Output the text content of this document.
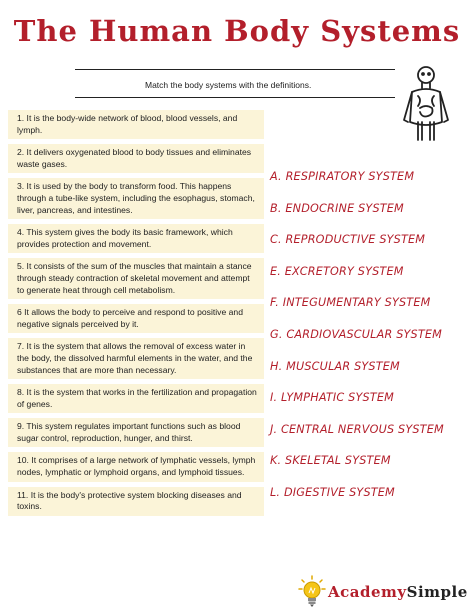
The Human Body Systems
Match the body systems with the definitions.
1. It is the body-wide network of blood, blood vessels, and lymph.
2. It delivers oxygenated blood to body tissues and eliminates waste gases.
3. It is used by the body to transform food. This happens through a tube-like system, including the esophagus, stomach, liver, pancreas, and intestines.
4. This system gives the body its basic framework, which provides protection and movement.
5. It consists of the sum of the muscles that maintain a stance through steady contraction of skeletal movement and attempt to generate heat through cell metabolism.
6 It allows the body to perceive and respond to positive and negative signals perceived by it.
7. It is the system that allows the removal of excess water in the body, the dissolved harmful elements in the water, and the substances that are more than necessary.
8. It is the system that works in the fertilization and propagation of genes.
9. This system regulates important functions such as blood sugar control, reproduction, hunger, and thirst.
10. It comprises of a large network of lymphatic vessels, lymph nodes, lymphatic or lymphoid organs, and lymphoid tissues.
11. It is the body's protective system blocking diseases and toxins.
A. RESPIRATORY SYSTEM
B. ENDOCRINE SYSTEM
C. REPRODUCTIVE SYSTEM
E. EXCRETORY SYSTEM
F. INTEGUMENTARY SYSTEM
G. CARDIOVASCULAR SYSTEM
H. MUSCULAR SYSTEM
I. LYMPHATIC SYSTEM
J. CENTRAL NERVOUS SYSTEM
K. SKELETAL SYSTEM
L. DIGESTIVE SYSTEM
AcademySimple
